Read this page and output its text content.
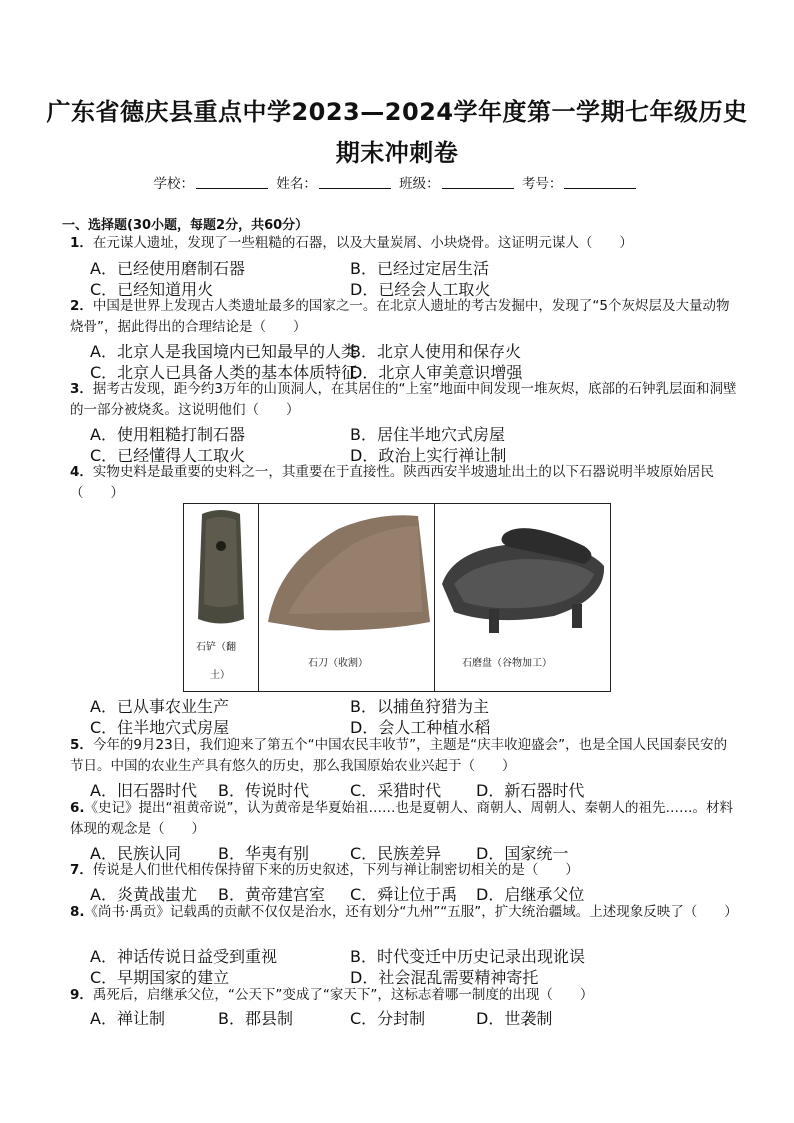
广东省德庆县重点中学2023—2024学年度第一学期七年级历史
期末冲刺卷
学校：	姓名：	班级：	考号：
一、选择题(30小题，每题2分，共60分）
1．在元谋人遗址，发现了一些粗糙的石器，以及大量炭屑、小块烧骨。这证明元谋人（　　）
A．已经使用磨制石器	B．已经过定居生活
C．已经知道用火	D．已经会人工取火
2．中国是世界上发现古人类遗址最多的国家之一。在北京人遗址的考古发掘中，发现了“5个灰烬层及大量动物烧骨”，据此得出的合理结论是（　　）
A．北京人是我国境内已知最早的人类
B．北京人使用和保存火
C．北京人已具备人类的基本体质特征
D．北京人审美意识增强
3．据考古发现，距今约3万年的山顶洞人，在其居住的“上室”地面中间发现一堆灰烬，底部的石钟乳层面和洞壁的一部分被烧炙。这说明他们（　　）
A．使用粗糙打制石器	B．居住半地穴式房屋
C．已经懂得人工取火	D．政治上实行禅让制
4．实物史料是最重要的史料之一，其重要在于直接性。陕西西安半坡遗址出土的以下石器说明半坡原始居民（　　）
石铲（翻
土）
石刀（收割）	石磨盘（谷物加工）
A．已从事农业生产	B．以捕鱼狩猎为主
C．住半地穴式房屋	D．会人工种植水稻
5．今年的9月23日，我们迎来了第五个“中国农民丰收节”，主题是“庆丰收迎盛会”，也是全国人民国泰民安的节日。中国的农业生产具有悠久的历史，那么我国原始农业兴起于（　　）
A．旧石器时代 B．传说时代	C．采猎时代 D．新石器时代
6.《史记》提出“祖黄帝说”，认为黄帝是华夏始祖……也是夏朝人、商朝人、周朝人、秦朝人的祖先……。材料体现的观念是（　　）
A．民族认同 B．华夷有别	C．民族差异 D．国家统一
7．传说是人们世代相传保持留下来的历史叙述，下列与禅让制密切相关的是（　　）
A．炎黄战蚩尤 B．黄帝建宫室 C．舜让位于禹 D．启继承父位
8.《尚书·禹贡》记载禹的贡献不仅仅是治水，还有划分“九州”“五服”，扩大统治疆域。上述现象反映了（　　）
A．神话传说日益受到重视	B．时代变迁中历史记录出现讹误
C．早期国家的建立	D．社会混乱需要精神寄托
9．禹死后，启继承父位，“公天下”变成了“家天下”，这标志着哪一制度的出现（　　）
A．禅让制	B．郡县制	C．分封制	D．世袭制
